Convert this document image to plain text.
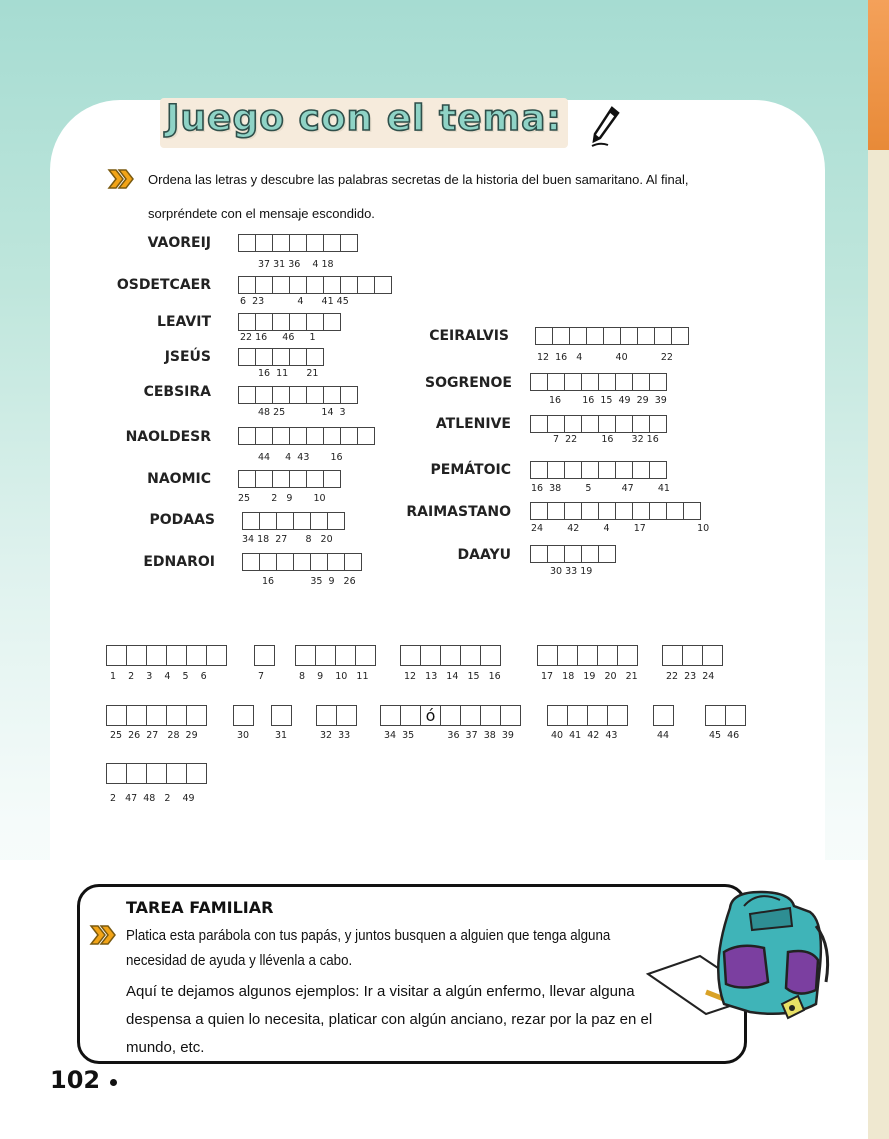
Juego con el tema:
Ordena las letras y descubre las palabras secretas de la historia del buen samaritano. Al final, sorpréndete con el mensaje escondido.
VAOREIJ
37 31 36    4 18
OSDETCAER
6  23           4      41 45
LEAVIT
22 16     46     1
JSEÚS
16  11      21
CEBSIRA
48 25            14  3
NAOLDESR
44     4  43       16
NAOMIC
25       2   9       10
PODAAS
34 18  27      8   20
EDNAROI
16            35  9   26
CEIRALVIS
12  16   4           40           22
SOGRENOE
16       16  15  49  29  39
ATLENIVE
7  22        16      32 16
PEMÁTOIC
16  38        5          47        41
RAIMASTANO
24        42        4        17                 10
DAAYU
30 33 19
1    2    3    4    5    6	7	8    9    10   11	12   13   14   15   16	17   18   19   20   21	22  23  24
25  26  27   28  29	30	31	32  33
ó
34  35           36  37  38  39	40  41  42  43	44	45  46
2   47  48   2    49
TAREA FAMILIAR
Platica esta parábola con tus papás, y juntos busquen a alguien que tenga alguna necesidad de ayuda y llévenla a cabo.
Aquí te dejamos algunos ejemplos: Ir a visitar a algún enfermo, llevar alguna despensa a quien lo necesita, platicar con algún anciano, rezar por la paz en el mundo, etc.
102
